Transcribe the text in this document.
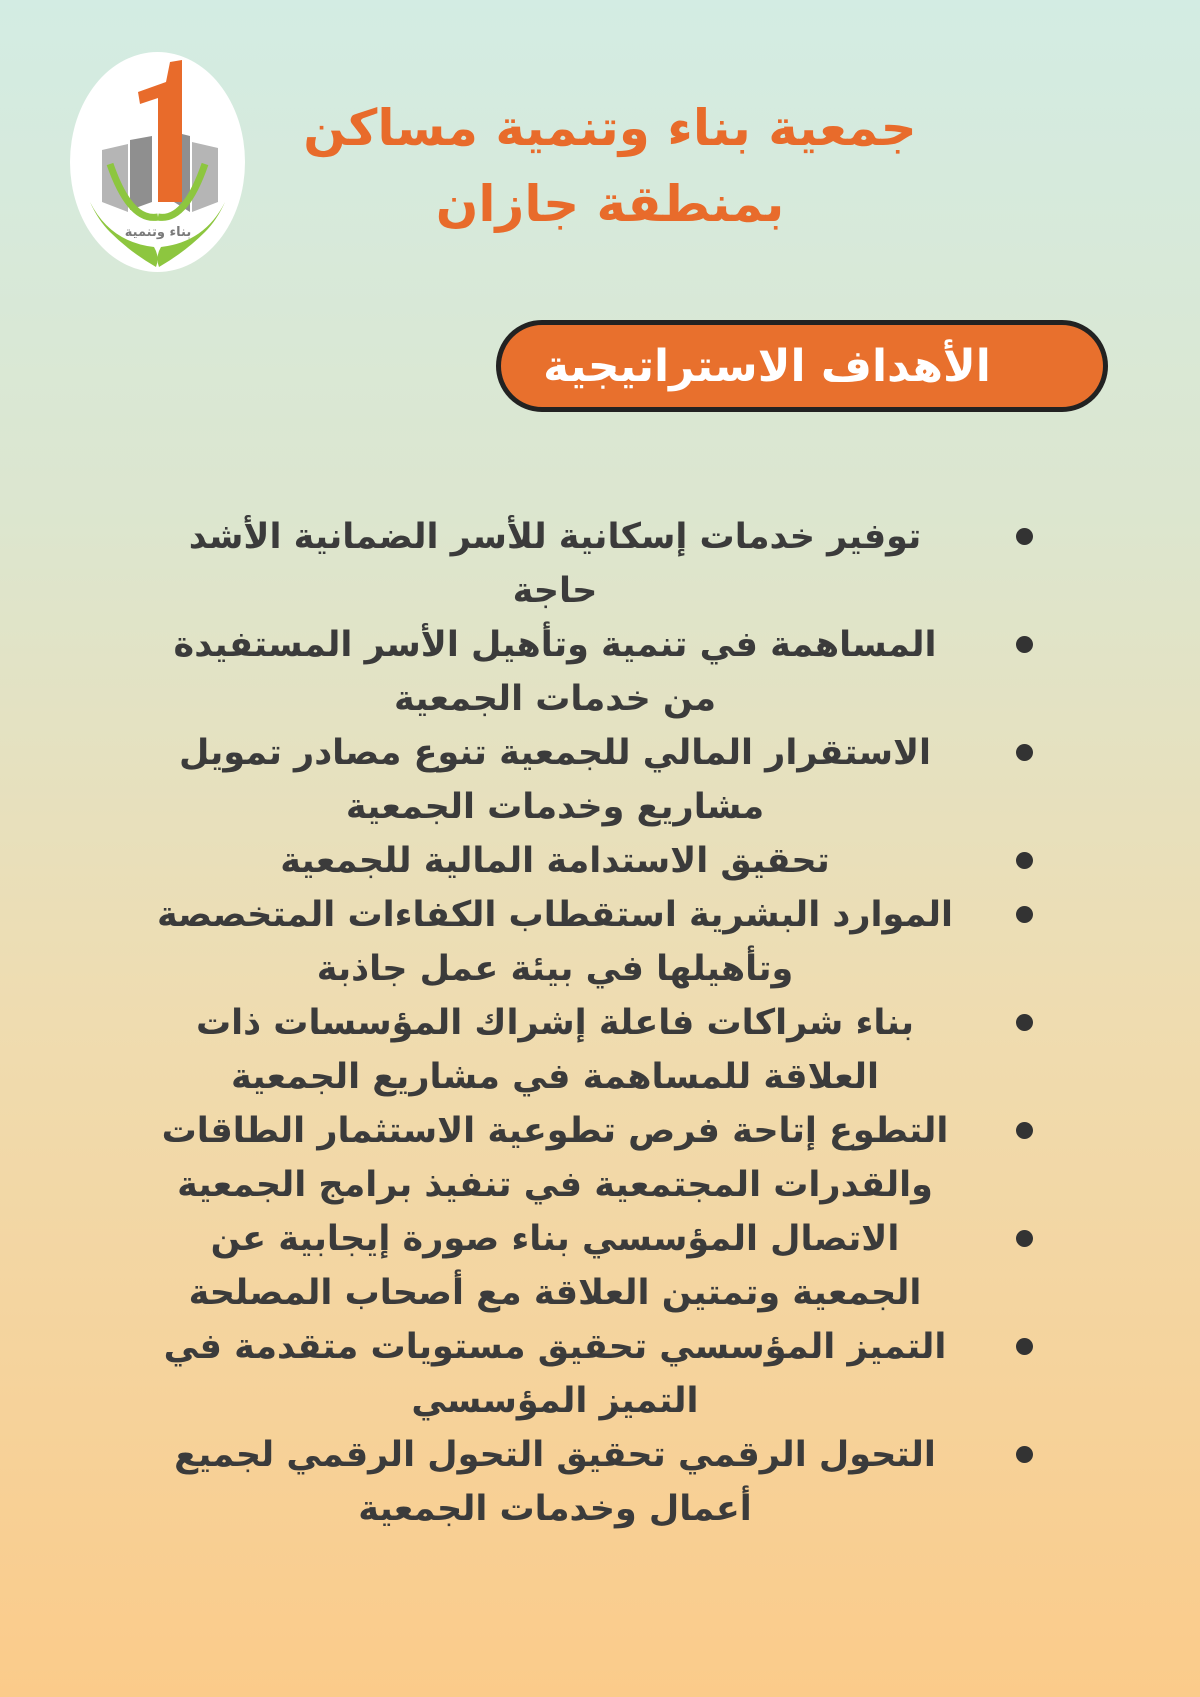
بناء وتنمية
جمعية بناء وتنمية مساكن
بمنطقة جازان
الأهداف الاستراتيجية
توفير خدمات إسكانية للأسر الضمانية الأشد حاجة
المساهمة في تنمية وتأهيل الأسر المستفيدة من خدمات الجمعية
الاستقرار المالي للجمعية تنوع مصادر تمويل مشاريع وخدمات الجمعية
تحقيق الاستدامة المالية للجمعية
الموارد البشرية استقطاب الكفاءات المتخصصة وتأهيلها في بيئة عمل جاذبة
بناء شراكات فاعلة إشراك المؤسسات ذات العلاقة للمساهمة في مشاريع الجمعية
التطوع إتاحة فرص تطوعية الاستثمار الطاقات والقدرات المجتمعية في تنفيذ برامج الجمعية
الاتصال المؤسسي بناء صورة إيجابية عن الجمعية وتمتين العلاقة مع أصحاب المصلحة
التميز المؤسسي تحقيق مستويات متقدمة في التميز المؤسسي
التحول الرقمي تحقيق التحول الرقمي لجميع أعمال وخدمات الجمعية
